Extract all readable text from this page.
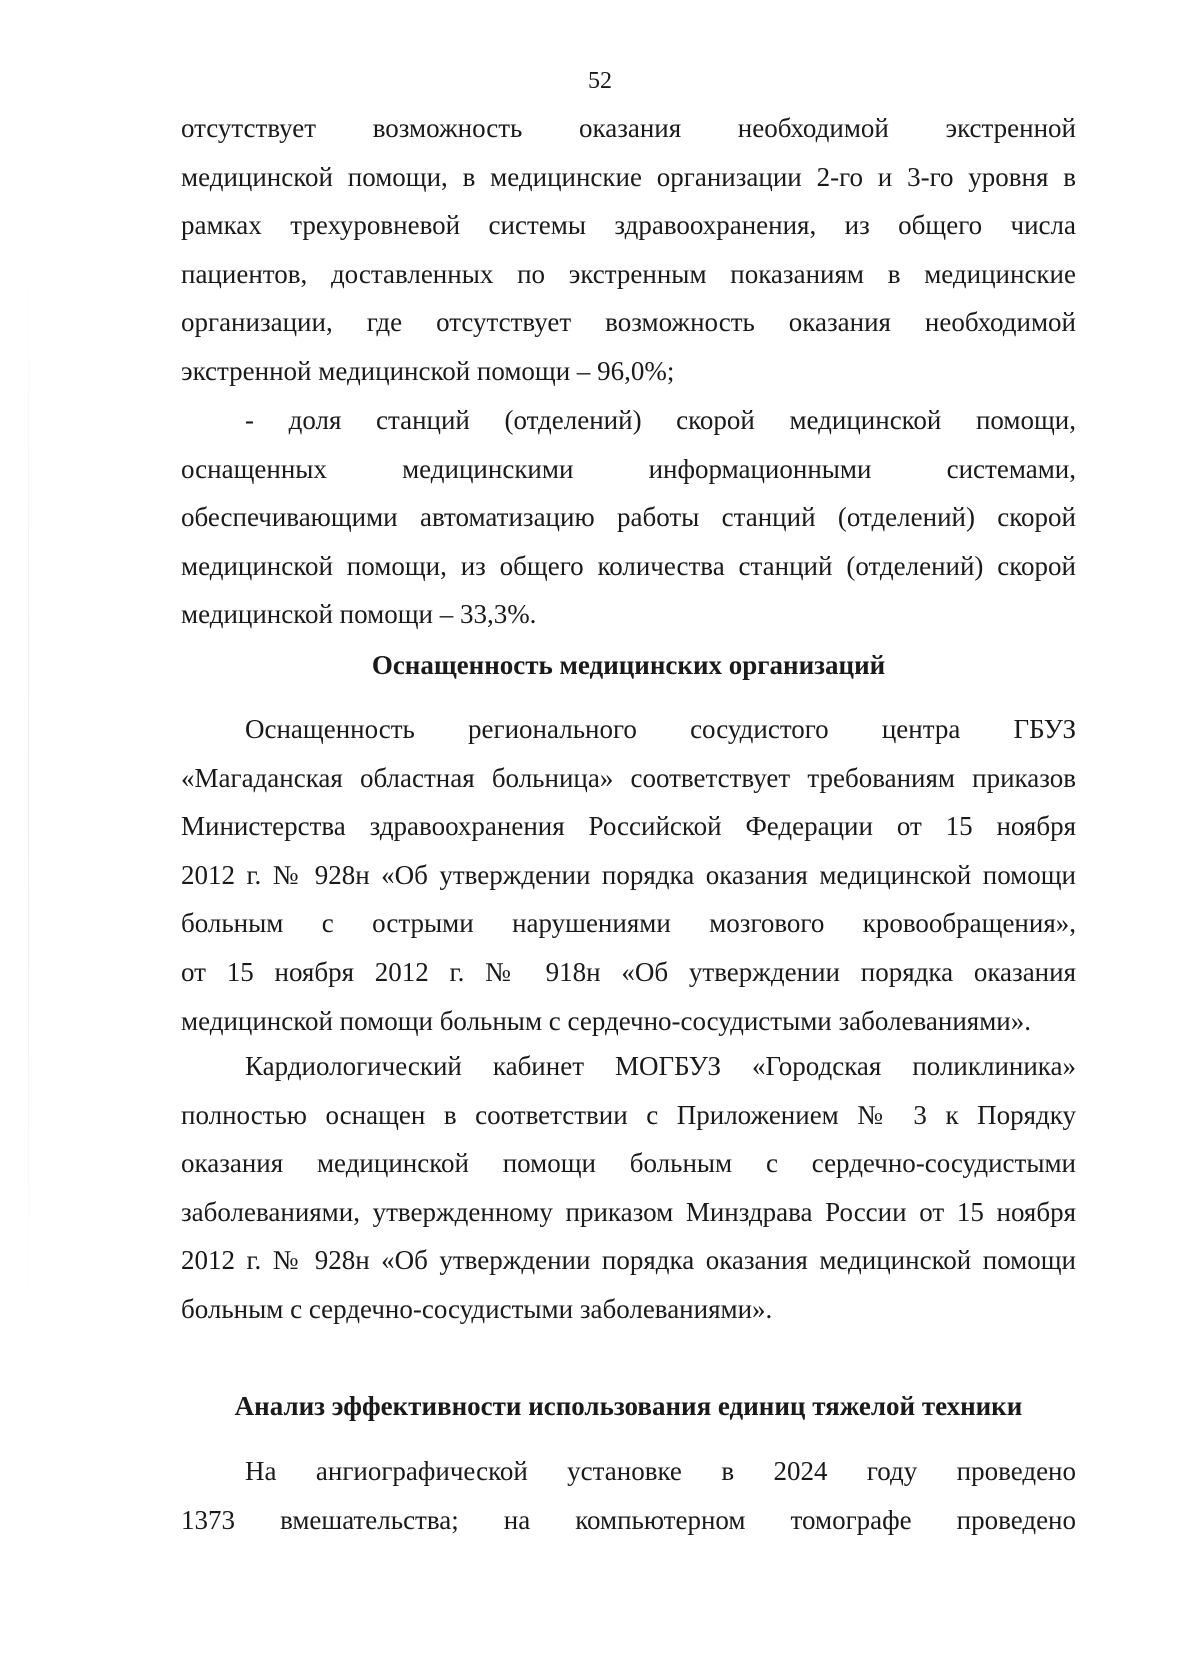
52
отсутствует возможность оказания необходимой экстренной
медицинской помощи, в медицинские организации 2-го и 3-го уровня в
рамках трехуровневой системы здравоохранения, из общего числа
пациентов, доставленных по экстренным показаниям в медицинские
организации, где отсутствует возможность оказания необходимой
экстренной медицинской помощи – 96,0%;
- доля станций (отделений) скорой медицинской помощи,
оснащенных медицинскими информационными системами,
обеспечивающими автоматизацию работы станций (отделений) скорой
медицинской помощи, из общего количества станций (отделений) скорой
медицинской помощи – 33,3%.
Оснащенность медицинских организаций
Оснащенность регионального сосудистого центра ГБУЗ
«Магаданская областная больница» соответствует требованиям приказов
Министерства здравоохранения Российской Федерации от 15 ноября
2012 г. № 928н «Об утверждении порядка оказания медицинской помощи
больным с острыми нарушениями мозгового кровообращения»,
от 15 ноября 2012 г. № 918н «Об утверждении порядка оказания
медицинской помощи больным с сердечно-сосудистыми заболеваниями».
Кардиологический кабинет МОГБУЗ «Городская поликлиника»
полностью оснащен в соответствии с Приложением № 3 к Порядку
оказания медицинской помощи больным с сердечно-сосудистыми
заболеваниями, утвержденному приказом Минздрава России от 15 ноября
2012 г. № 928н «Об утверждении порядка оказания медицинской помощи
больным с сердечно-сосудистыми заболеваниями».
Анализ эффективности использования единиц тяжелой техники
На ангиографической установке в 2024 году проведено
1373 вмешательства; на компьютерном томографе проведено
